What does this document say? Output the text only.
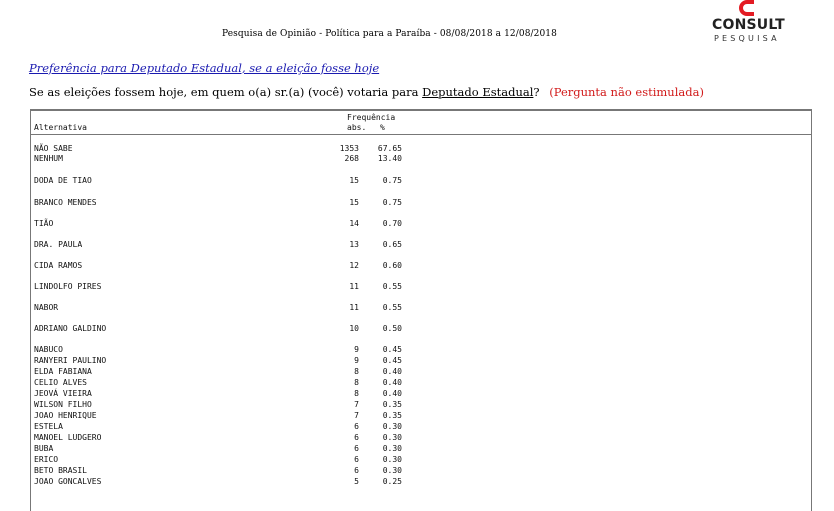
Pesquisa de Opinião - Política para a Paraíba - 08/08/2018 a 12/08/2018
CONSULT
PESQUISA
Preferência para Deputado Estadual, se a eleição fosse hoje
Se as eleições fossem hoje, em quem o(a) sr.(a) (você) votaria para Deputado Estadual? (Pergunta não estimulada)
Frequência
Alternativa	abs. %
NÃO SABE	1353	67.65
NENHUM	268	13.40
DODA DE TIAO	15	0.75
BRANCO MENDES	15	0.75
TIÃO	14	0.70
DRA. PAULA	13	0.65
CIDA RAMOS	12	0.60
LINDOLFO PIRES	11	0.55
NABOR	11	0.55
ADRIANO GALDINO	10	0.50
NABUCO	9	0.45
RANYERI PAULINO	9	0.45
ELDA FABIANA	8	0.40
CELIO ALVES	8	0.40
JEOVÁ VIEIRA	8	0.40
WILSON FILHO	7	0.35
JOAO HENRIQUE	7	0.35
ESTELA	6	0.30
MANOEL LUDGERO	6	0.30
BUBA	6	0.30
ERICO	6	0.30
BETO BRASIL	6	0.30
JOAO GONCALVES	5	0.25
